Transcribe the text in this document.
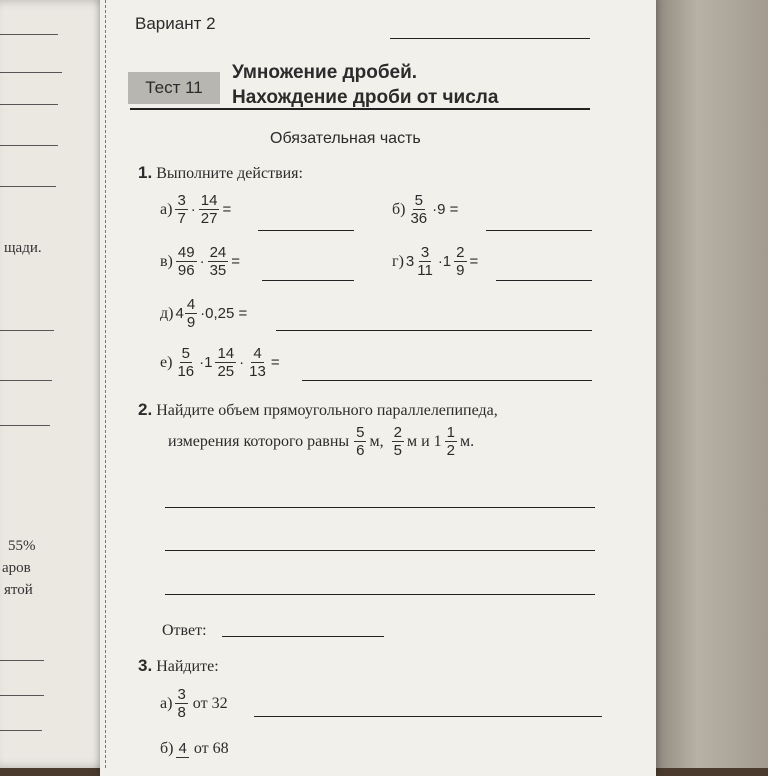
щади.
55%
аров
ятой
Вариант 2
Тест 11
Умножение дробей.
Нахождение дроби от числа
Обязательная часть
1. Выполните действия:
$а) \frac{3}{7} \cdot \frac{14}{27}$ =	$б) \frac{5}{36} \cdot 9$ =
$в) \frac{49}{96} \cdot \frac{24}{35}$ =	г) $3 \frac{3}{11} \cdot 1 \frac{2}{9}$ =
д) $4 \frac{4}{9} \cdot 0,25$ =
$е) \frac{5}{16} \cdot 1 \frac{14}{25} \cdot \frac{4}{13}$ =
2. Найдите объем прямоугольного параллелепипеда,
измерения которого равны $\frac{5}{6} м$, $\frac{2}{5}$ м и $1 \frac{1}{2} м$.
Ответ:
3. Найдите:
$а) \frac{3}{8}$ от 32
б) 4 от 68
